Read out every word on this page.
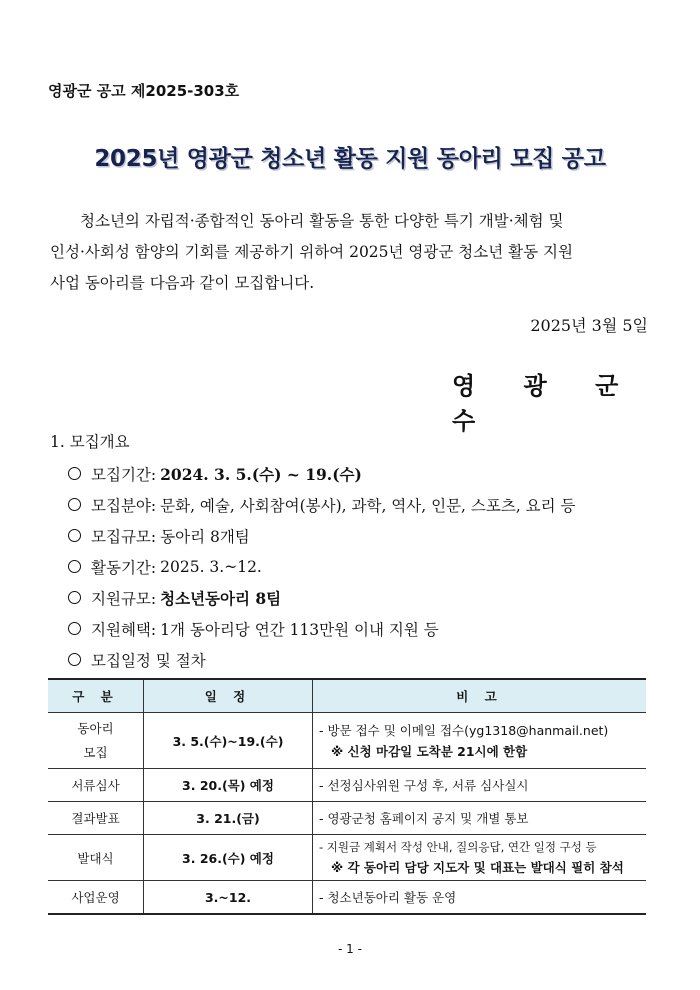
영광군 공고 제2025-303호
2025년 영광군 청소년 활동 지원 동아리 모집 공고
청소년의 자립적·종합적인 동아리 활동을 통한 다양한 특기 개발·체험 및
인성·사회성 함양의 기회를 제공하기 위하여 2025년 영광군 청소년 활동 지원
사업 동아리를 다음과 같이 모집합니다.
2025년 3월 5일
영 광 군 수
1. 모집개요
모집기간: 2024. 3. 5.(수) ~ 19.(수)
모집분야: 문화, 예술, 사회참여(봉사), 과학, 역사, 인문, 스포츠, 요리 등
모집규모: 동아리 8개팀
활동기간: 2025. 3.~12.
지원규모: 청소년동아리 8팀
지원혜택: 1개 동아리당 연간 113만원 이내 지원 등
모집일정 및 절차
구 분	일 정	비 고
동아리 모집	3. 5.(수)~19.(수)	- 방문 접수 및 이메일 접수(yg1318@hanmail.net)
※ 신청 마감일 도착분 21시에 한함

서류심사	3. 20.(목) 예정	- 선정심사위원 구성 후, 서류 심사실시

결과발표	3. 21.(금)	- 영광군청 홈페이지 공지 및 개별 통보

발대식	3. 26.(수) 예정	- 지원금 계획서 작성 안내, 질의응답, 연간 일정 구성 등
※ 각 동아리 담당 지도자 및 대표는 발대식 필히 참석

사업운영	3.~12.	- 청소년동아리 활동 운영
- 1 -
